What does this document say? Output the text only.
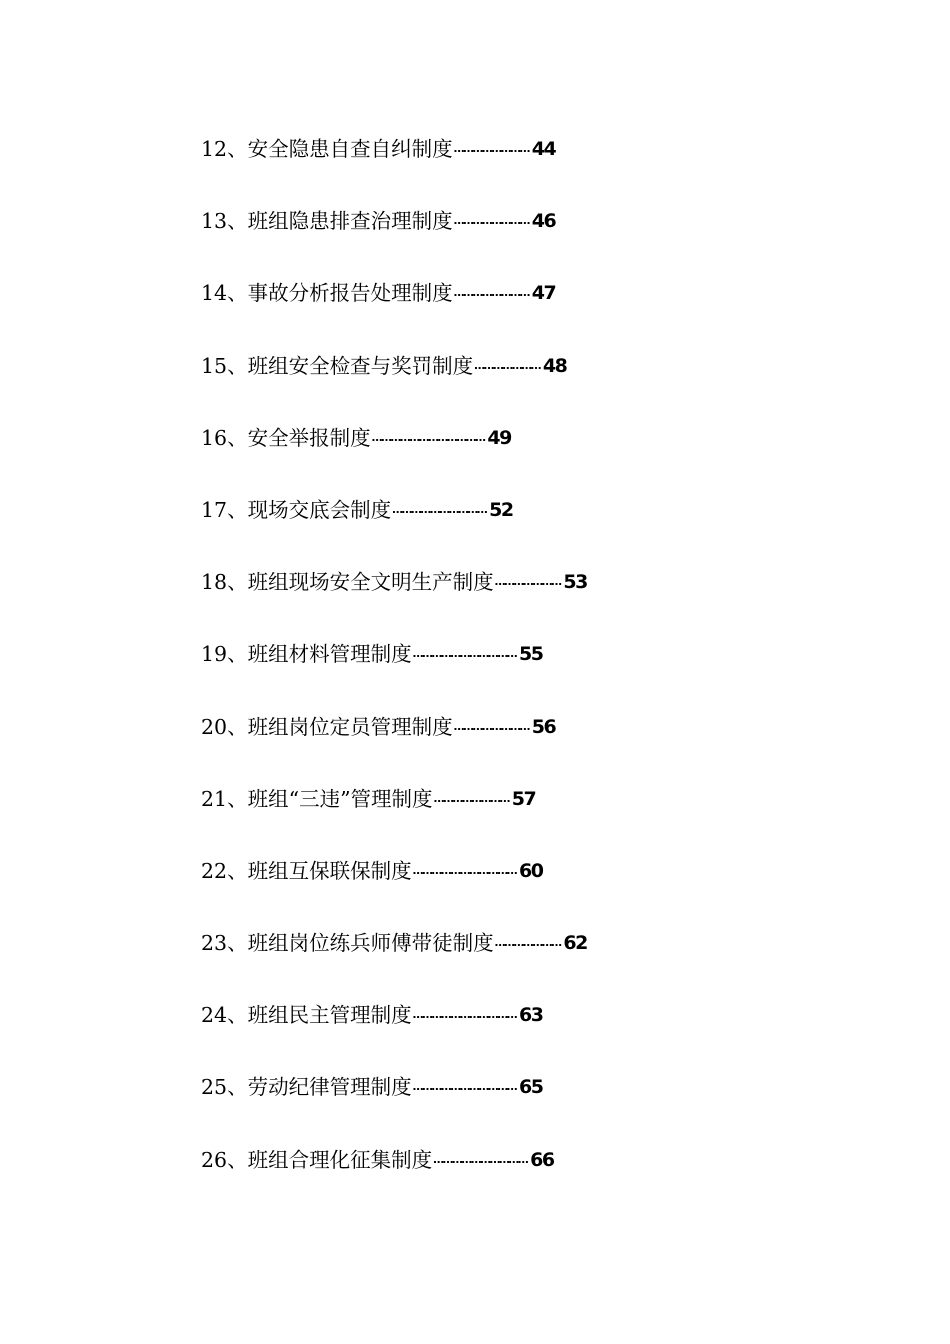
12 、 安全隐患自查自纠制度 …………………… 44
13 、 班组隐患排查治理制度 …………………… 46
14 、 事故分析报告处理制度 …………………… 47
15 、 班组安全检查与奖罚制度 ………………… 48
16 、 安全举报制度 ……………………………… 49
17 、 现场交底会制度 ………………………… 52
18 、 班组现场安全文明生产制度 ………………… 53
19 、 班组材料管理制度 …………………………… 55
20 、 班组岗位定员管理制度 …………………… 56
21 、 班组“三违”管理制度 …………………… 57
22 、 班组互保联保制度 …………………………… 60
23 、 班组岗位练兵师傅带徒制度 ………………… 62
24 、 班组民主管理制度 …………………………… 63
25 、 劳动纪律管理制度 …………………………… 65
26 、 班组合理化征集制度 ………………………… 66
